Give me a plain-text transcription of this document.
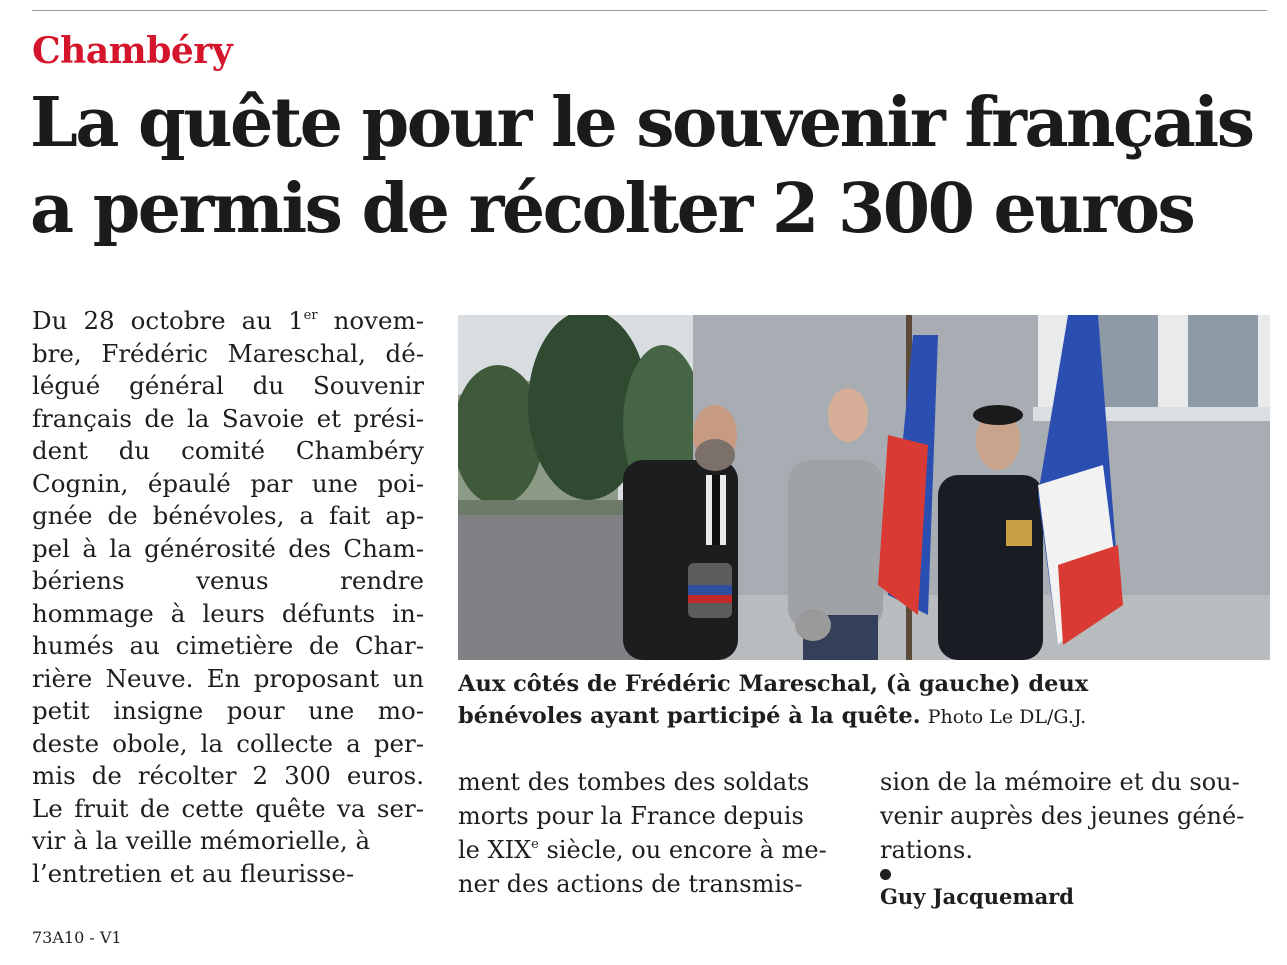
Chambéry
La quête pour le souvenir français
a permis de récolter 2 300 euros
Du 28 octobre au 1er novem-
bre, Frédéric Mareschal, dé-
légué général du Souvenir
français de la Savoie et prési-
dent du comité Chambéry
Cognin, épaulé par une poi-
gnée de bénévoles, a fait ap-
pel à la générosité des Cham-
bériens venus rendre
hommage à leurs défunts in-
humés au cimetière de Char-
rière Neuve. En proposant un
petit insigne pour une mo-
deste obole, la collecte a per-
mis de récolter 2 300 euros.
Le fruit de cette quête va ser-
vir à la veille mémorielle, à
l’entretien et au fleurisse-
Aux côtés de Frédéric Mareschal, (à gauche) deux
bénévoles ayant participé à la quête. Photo Le DL/G.J.
ment des tombes des soldats
morts pour la France depuis
le XIXe siècle, ou encore à me-
ner des actions de transmis-
sion de la mémoire et du sou-
venir auprès des jeunes géné-
rations.
Guy Jacquemard
73A10 - V1
